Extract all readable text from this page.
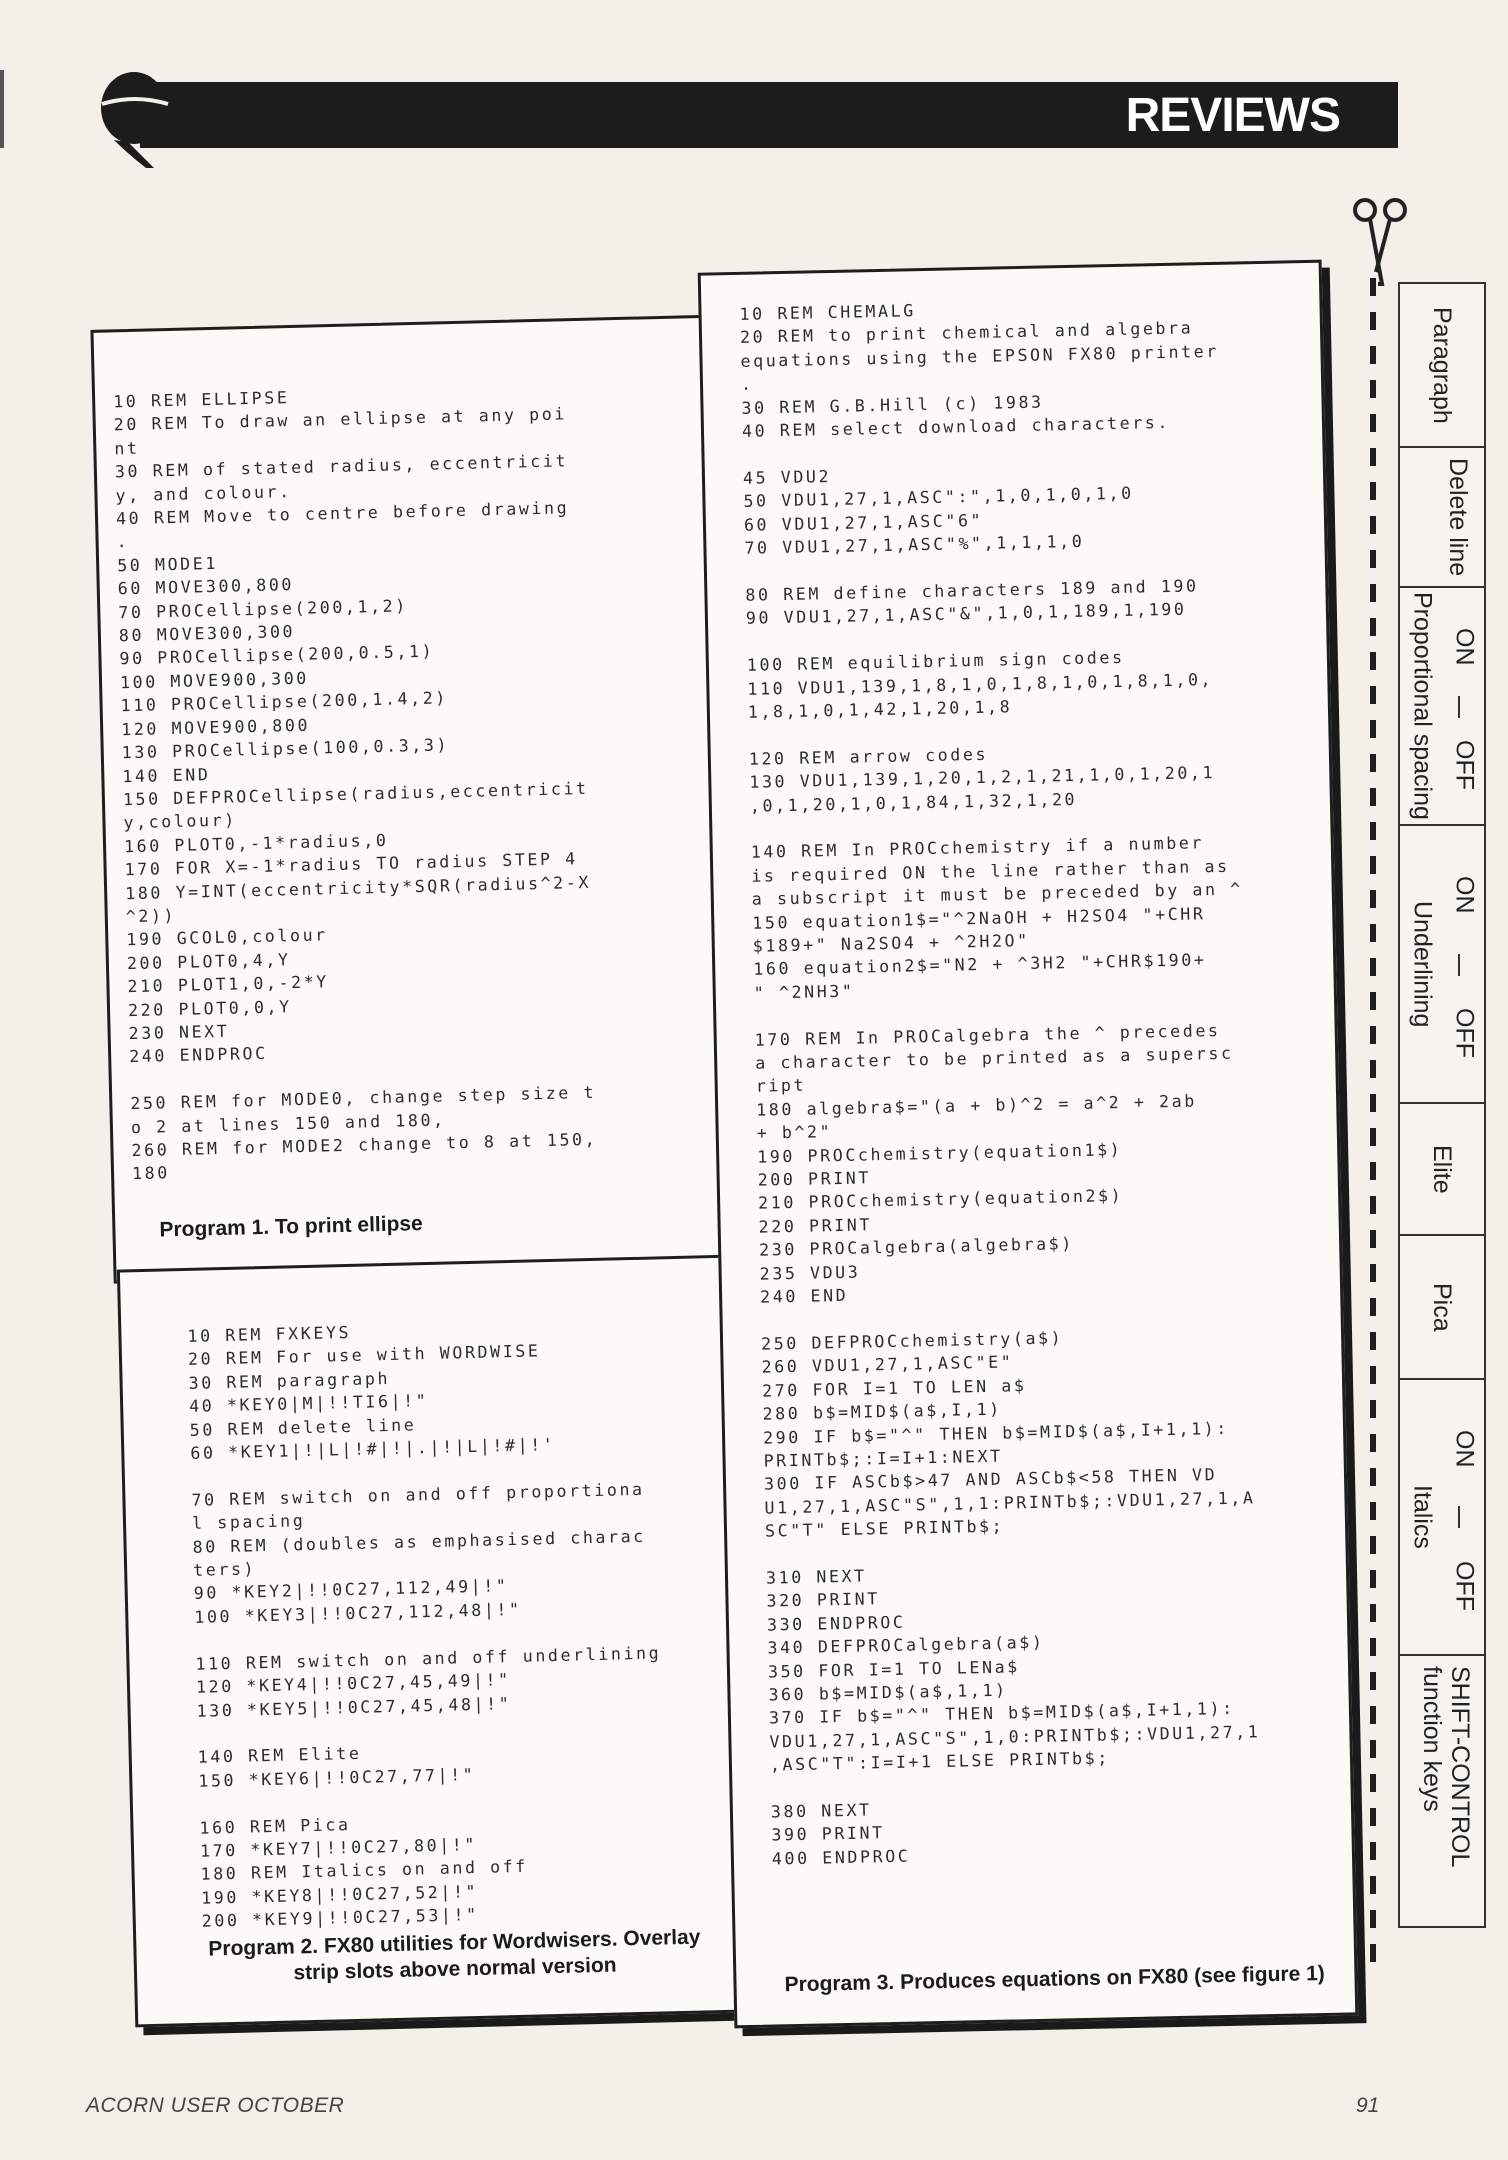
REVIEWS
10 REM ELLIPSE
20 REM To draw an ellipse at any poi
nt
30 REM of stated radius, eccentricit
y, and colour.
40 REM Move to centre before drawing
.
50 MODE1
60 MOVE300,800
70 PROCellipse(200,1,2)
80 MOVE300,300
90 PROCellipse(200,0.5,1)
100 MOVE900,300
110 PROCellipse(200,1.4,2)
120 MOVE900,800
130 PROCellipse(100,0.3,3)
140 END
150 DEFPROCellipse(radius,eccentricit
y,colour)
160 PLOT0,-1*radius,0
170 FOR X=-1*radius TO radius STEP 4
180 Y=INT(eccentricity*SQR(radius^2-X
^2))
190 GCOL0,colour
200 PLOT0,4,Y
210 PLOT1,0,-2*Y
220 PLOT0,0,Y
230 NEXT
240 ENDPROC

250 REM for MODE0, change step size t
o 2 at lines 150 and 180,
260 REM for MODE2 change to 8 at 150,
180
Program 1. To print ellipse
10 REM FXKEYS
20 REM For use with WORDWISE
30 REM paragraph
40 *KEY0|M|!!TI6|!"
50 REM delete line
60 *KEY1|!|L|!#|!|.|!|L|!#|!'

70 REM switch on and off proportiona
l spacing
80 REM (doubles as emphasised charac
ters)
90 *KEY2|!!0C27,112,49|!"
100 *KEY3|!!0C27,112,48|!"

110 REM switch on and off underlining
120 *KEY4|!!0C27,45,49|!"
130 *KEY5|!!0C27,45,48|!"

140 REM Elite
150 *KEY6|!!0C27,77|!"

160 REM Pica
170 *KEY7|!!0C27,80|!"
180 REM Italics on and off
190 *KEY8|!!0C27,52|!"
200 *KEY9|!!0C27,53|!"
Program 2. FX80 utilities for Wordwisers. Overlay strip slots above normal version
10 REM CHEMALG
20 REM to print chemical and algebra
equations using the EPSON FX80 printer
.
30 REM G.B.Hill (c) 1983
40 REM select download characters.

45 VDU2
50 VDU1,27,1,ASC":",1,0,1,0,1,0
60 VDU1,27,1,ASC"6"
70 VDU1,27,1,ASC"%",1,1,1,0

80 REM define characters 189 and 190
90 VDU1,27,1,ASC"&",1,0,1,189,1,190

100 REM equilibrium sign codes
110 VDU1,139,1,8,1,0,1,8,1,0,1,8,1,0,
1,8,1,0,1,42,1,20,1,8

120 REM arrow codes
130 VDU1,139,1,20,1,2,1,21,1,0,1,20,1
,0,1,20,1,0,1,84,1,32,1,20

140 REM In PROCchemistry if a number
is required ON the line rather than as
a subscript it must be preceded by an ^
150 equation1$="^2NaOH + H2SO4 "+CHR
$189+" Na2SO4 + ^2H2O"
160 equation2$="N2 + ^3H2 "+CHR$190+
" ^2NH3"

170 REM In PROCalgebra the ^ precedes
a character to be printed as a supersc
ript
180 algebra$="(a + b)^2 = a^2 + 2ab
+ b^2"
190 PROCchemistry(equation1$)
200 PRINT
210 PROCchemistry(equation2$)
220 PRINT
230 PROCalgebra(algebra$)
235 VDU3
240 END

250 DEFPROCchemistry(a$)
260 VDU1,27,1,ASC"E"
270 FOR I=1 TO LEN a$
280 b$=MID$(a$,I,1)
290 IF b$="^" THEN b$=MID$(a$,I+1,1):
PRINTb$;:I=I+1:NEXT
300 IF ASCb$>47 AND ASCb$<58 THEN VD
U1,27,1,ASC"S",1,1:PRINTb$;:VDU1,27,1,A
SC"T" ELSE PRINTb$;

310 NEXT
320 PRINT
330 ENDPROC
340 DEFPROCalgebra(a$)
350 FOR I=1 TO LENa$
360 b$=MID$(a$,1,1)
370 IF b$="^" THEN b$=MID$(a$,I+1,1):
VDU1,27,1,ASC"S",1,0:PRINTb$;:VDU1,27,1
,ASC"T":I=I+1 ELSE PRINTb$;

380 NEXT
390 PRINT
400 ENDPROC
Program 3. Produces equations on FX80 (see figure 1)
Paragraph
Delete line
Proportional spacing ON
OFF
Underlining
ON
OFF
Elite
Pica
Italics
ON
OFF
SHIFT-CONTROL function keys
ACORN USER OCTOBER	91
